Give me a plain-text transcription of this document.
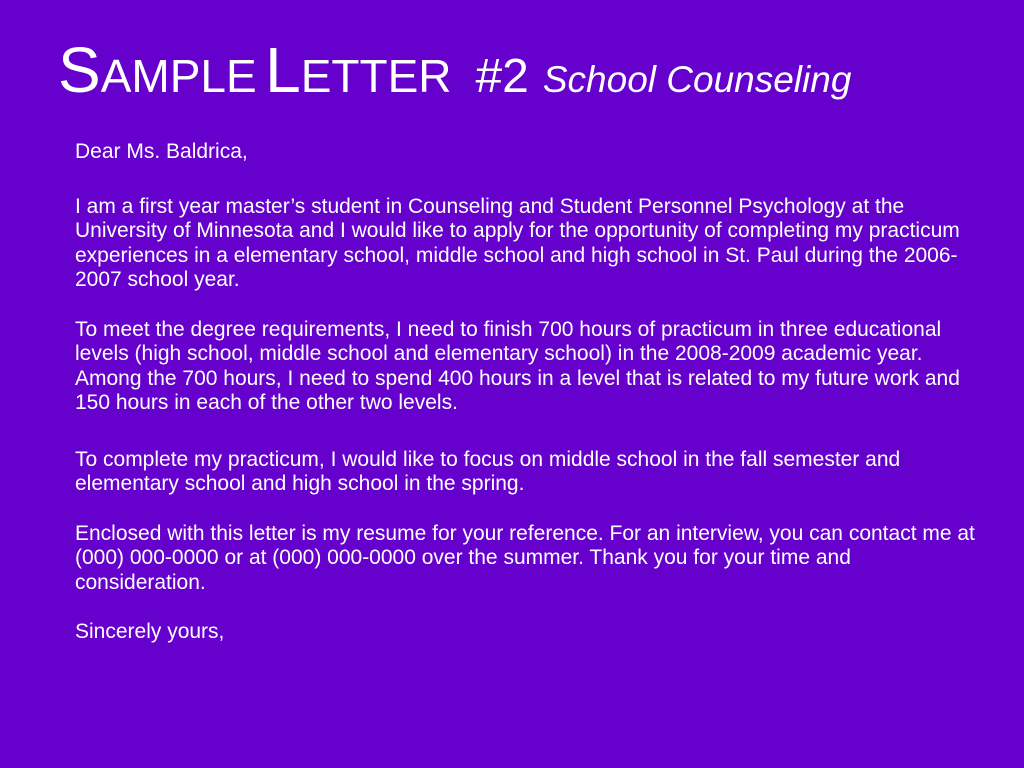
SAMPLE LETTER #2 School Counseling

Dear Ms. Baldrica,

I am a first year master’s student in Counseling and Student Personnel Psychology at the University of Minnesota and I would like to apply for the opportunity of completing my practicum experiences in a elementary school, middle school and high school in St. Paul during the 2006-2007 school year.

To meet the degree requirements, I need to finish 700 hours of practicum in three educational levels (high school, middle school and elementary school) in the 2008-2009 academic year. Among the 700 hours, I need to spend 400 hours in a level that is related to my future work and 150 hours in each of the other two levels.

To complete my practicum, I would like to focus on middle school in the fall semester and elementary school and high school in the spring.

Enclosed with this letter is my resume for your reference. For an interview, you can contact me at (000) 000-0000 or at (000) 000-0000 over the summer. Thank you for your time and consideration.

Sincerely yours,
